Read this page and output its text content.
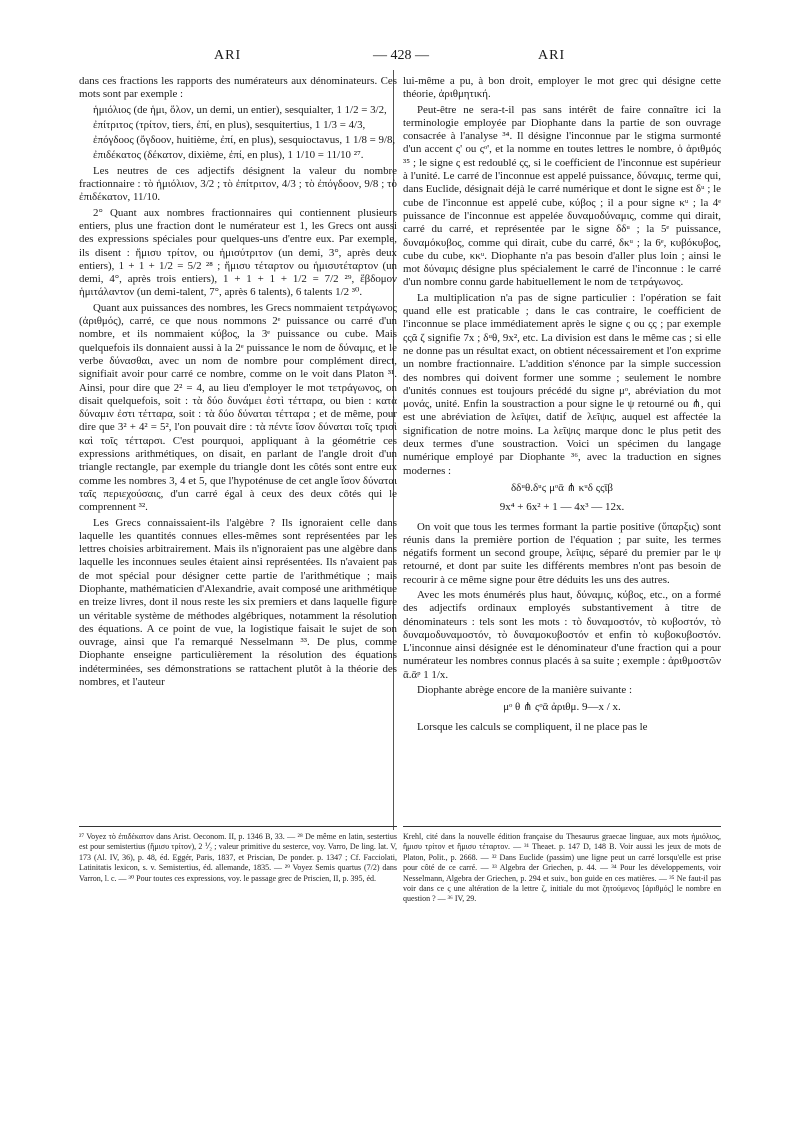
ARI	— 428 —	ARI

dans ces fractions les rapports des numérateurs aux dénominateurs. Ces mots sont par exemple :

ἡμιόλιος (de ἡμι, ὅλον, un demi, un entier), sesquialter, 1 1/2 = 3/2,

ἐπίτριτος (τρίτον, tiers, ἐπί, en plus), sesquitertius, 1 1/3 = 4/3,

ἐπόγδοος (ὄγδοον, huitième, ἐπί, en plus), sesquioctavus, 1 1/8 = 9/8,

ἐπιδέκατος (δέκατον, dixième, ἐπί, en plus), 1 1/10 = 11/10 ²⁷.

Les neutres de ces adjectifs désignent la valeur du nombre fractionnaire : τὸ ἡμιόλιον, 3/2 ; τὸ ἐπίτριτον, 4/3 ; τὸ ἐπόγδοον, 9/8 ; τὸ ἐπιδέκατον, 11/10.

2° Quant aux nombres fractionnaires qui contiennent plusieurs entiers, plus une fraction dont le numérateur est 1, les Grecs ont aussi des expressions spéciales pour quelques-uns d'entre eux. Par exemple, ils disent : ἥμισυ τρίτον, ou ἡμισύτριτον (un demi, 3°, après deux entiers), 1 + 1 + 1/2 = 5/2 ²⁸ ; ἥμισυ τέταρτον ou ἡμισυτέταρτον (un demi, 4°, après trois entiers), 1 + 1 + 1 + 1/2 = 7/2 ²⁹, ἕβδομον ἡμιτάλαντον (un demi-talent, 7°, après 6 talents), 6 talents 1/2 ³⁰.

Quant aux puissances des nombres, les Grecs nommaient τετράγωνος (ἀριθμός), carré, ce que nous nommons 2ᵉ puissance ou carré d'un nombre, et ils nommaient κύβος, la 3ᵉ puissance ou cube. Mais quelquefois ils donnaient aussi à la 2ᵉ puissance le nom de δύναμις, et le verbe δύνασθαι, avec un nom de nombre pour complément direct, signifiait avoir pour carré ce nombre, comme on le voit dans Platon ³¹. Ainsi, pour dire que 2² = 4, au lieu d'employer le mot τετράγωνος, on disait quelquefois, soit : τὰ δύο δυνάμει ἐστὶ τέτταρα, ou bien : κατὰ δύναμιν ἐστι τέτταρα, soit : τὰ δύο δύναται τέτταρα ; et de même, pour dire que 3² + 4² = 5², l'on pouvait dire : τὰ πέντε ἴσον δύναται τοῖς τρισὶ καὶ τοῖς τέτταρσι. C'est pourquoi, appliquant à la géométrie ces expressions arithmétiques, on disait, en parlant de l'angle droit d'un triangle rectangle, par exemple du triangle dont les côtés sont entre eux comme les nombres 3, 4 et 5, que l'hypoténuse de cet angle ἴσον δύναται ταῖς περιεχούσαις, d'un carré égal à ceux des deux côtés qui le comprennent ³².

Les Grecs connaissaient-ils l'algèbre ? Ils ignoraient celle dans laquelle les quantités connues elles-mêmes sont représentées par les lettres choisies arbitrairement. Mais ils n'ignoraient pas une algèbre dans laquelle les inconnues seules étaient ainsi représentées. Ils n'avaient pas de mot spécial pour désigner cette partie de l'arithmétique ; mais Diophante, mathématicien d'Alexandrie, avait composé une arithmétique en treize livres, dont il nous reste les six premiers et dans laquelle figure un véritable système de méthodes algébriques, notamment la résolution des équations. A ce point de vue, la logistique faisait le sujet de son ouvrage, ainsi que l'a remarqué Nesselmann ³³. De plus, comme Diophante enseigne particulièrement la résolution des équations indéterminées, ses démonstrations se rattachent plutôt à la théorie des nombres, et l'auteur

lui-même a pu, à bon droit, employer le mot grec qui désigne cette théorie, ἀριθμητική.

Peut-être ne sera-t-il pas sans intérêt de faire connaître ici la terminologie employée par Diophante dans la partie de son ouvrage consacrée à l'analyse ³⁴. Il désigne l'inconnue par le stigma surmonté d'un accent ς' ou ςᵒ', et la nomme en toutes lettres le nombre, ὁ ἀριθμός ³⁵ ; le signe ς est redoublé ςς, si le coefficient de l'inconnue est supérieur à l'unité. Le carré de l'inconnue est appelé puissance, δύναμις, terme qui, dans Euclide, désignait déjà le carré numérique et dont le signe est δᵘ ; le cube de l'inconnue est appelé cube, κύβος ; il a pour signe κᵘ ; la 4ᵉ puissance de l'inconnue est appelée δυναμοδύναμις, comme qui dirait, carré du carré, et représentée par le signe δδᵘ ; la 5ᵉ puissance, δυναμόκυβος, comme qui dirait, cube du carré, δκᵘ ; la 6ᵉ, κυβόκυβος, cube du cube, κκᵘ. Diophante n'a pas besoin d'aller plus loin ; ainsi le mot δύναμις désigne plus spécialement le carré de l'inconnue : le carré d'un nombre connu garde habituellement le nom de τετράγωνος.

La multiplication n'a pas de signe particulier : l'opération se fait quand elle est praticable ; dans le cas contraire, le coefficient de l'inconnue se place immédiatement après le signe ς ou ςς ; par exemple ςςᾶ ζ signifie 7x ; δᵘθ, 9x², etc. La division est dans le même cas ; si elle ne donne pas un résultat exact, on obtient nécessairement et l'on exprime un nombre fractionnaire. L'addition s'énonce par la simple succession des nombres qui doivent former une somme ; seulement le nombre d'unités connues est toujours précédé du signe μᵒ, abréviation du mot μονάς, unité. Enfin la soustraction a pour signe le ψ retourné ou ⋔, qui est une abréviation de λεῖψει, datif de λεῖψις, auquel est affectée la signification de notre moins. La λεῖψις marque donc le plus petit des deux termes d'une soustraction. Voici un spécimen du langage numérique employé par Diophante ³⁶, avec la traduction en signes modernes :

δδᵘθ.δᵘϛ μᵒᾱ ⋔ κᵘδ ςςῑβ
9x⁴ + 6x² + 1 — 4x³ — 12x.

On voit que tous les termes formant la partie positive (ὕπαρξις) sont réunis dans la première portion de l'équation ; par suite, les termes négatifs forment un second groupe, λεῖψις, séparé du premier par le ψ retourné, et dont par suite les différents membres n'ont pas besoin de recourir à ce même signe pour être déduits les uns des autres.

Avec les mots énumérés plus haut, δύναμις, κύβος, etc., on a formé des adjectifs ordinaux employés substantivement à titre de dénominateurs : tels sont les mots : τὸ δυναμοστόν, τὸ κυβοστόν, τὸ δυναμοδυναμοστόν, τὸ δυναμοκυβοστόν et enfin τὸ κυβοκυβοστόν. L'inconnue ainsi désignée est le dénominateur d'une fraction qui a pour numérateur les nombres connus placés à sa suite ; exemple : ἀριθμοστῶν ᾱ.ᾱᵖ 1 1/x.

Diophante abrège encore de la manière suivante :

μᵒ θ ⋔ ςᵒᾱ ἀριθμ. 9—x / x.

Lorsque les calculs se compliquent, il ne place pas le

²⁷ Voyez τὸ ἐπιδέκατον dans Arist. Oeconom. II, p. 1346 B, 33. — ²⁸ De même en latin, sestertius est pour semistertius (ἥμισυ τρίτον), 2 ⅟₂ ; valeur primitive du sesterce, voy. Varro, De ling. lat. V, 173 (Al. IV, 36), p. 48, éd. Eggér, Paris, 1837, et Priscian, De ponder. p. 1347 ; Cf. Facciolati, Latinitatis lexicon, s. v. Semistertius, éd. allemande, 1835. — ²⁹ Voyez Semis quartus (7/2) dans Varron, l. c. — ³⁰ Pour toutes ces expressions, voy. le passage grec de Priscien, II, p. 395, éd.
Krehl, cité dans la nouvelle édition française du Thesaurus graecae linguae, aux mots ἡμιόλιος, ἥμισυ τρίτον et ἥμισυ τέταρτον. — ³¹ Theaet. p. 147 D, 148 B. Voir aussi les jeux de mots de Platon, Polit., p. 2668. — ³² Dans Euclide (passim) une ligne peut un carré lorsqu'elle est prise pour côté de ce carré. — ³³ Algebra der Griechen, p. 44. — ³⁴ Pour les développements, voir Nesselmann, Algebra der Griechen, p. 294 et suiv., bon guide en ces matières. — ³⁵ Ne faut-il pas voir dans ce ς une altération de la lettre ζ, initiale du mot ζητούμενος [ἀριθμός] le nombre en question ? — ³⁶ IV, 29.
